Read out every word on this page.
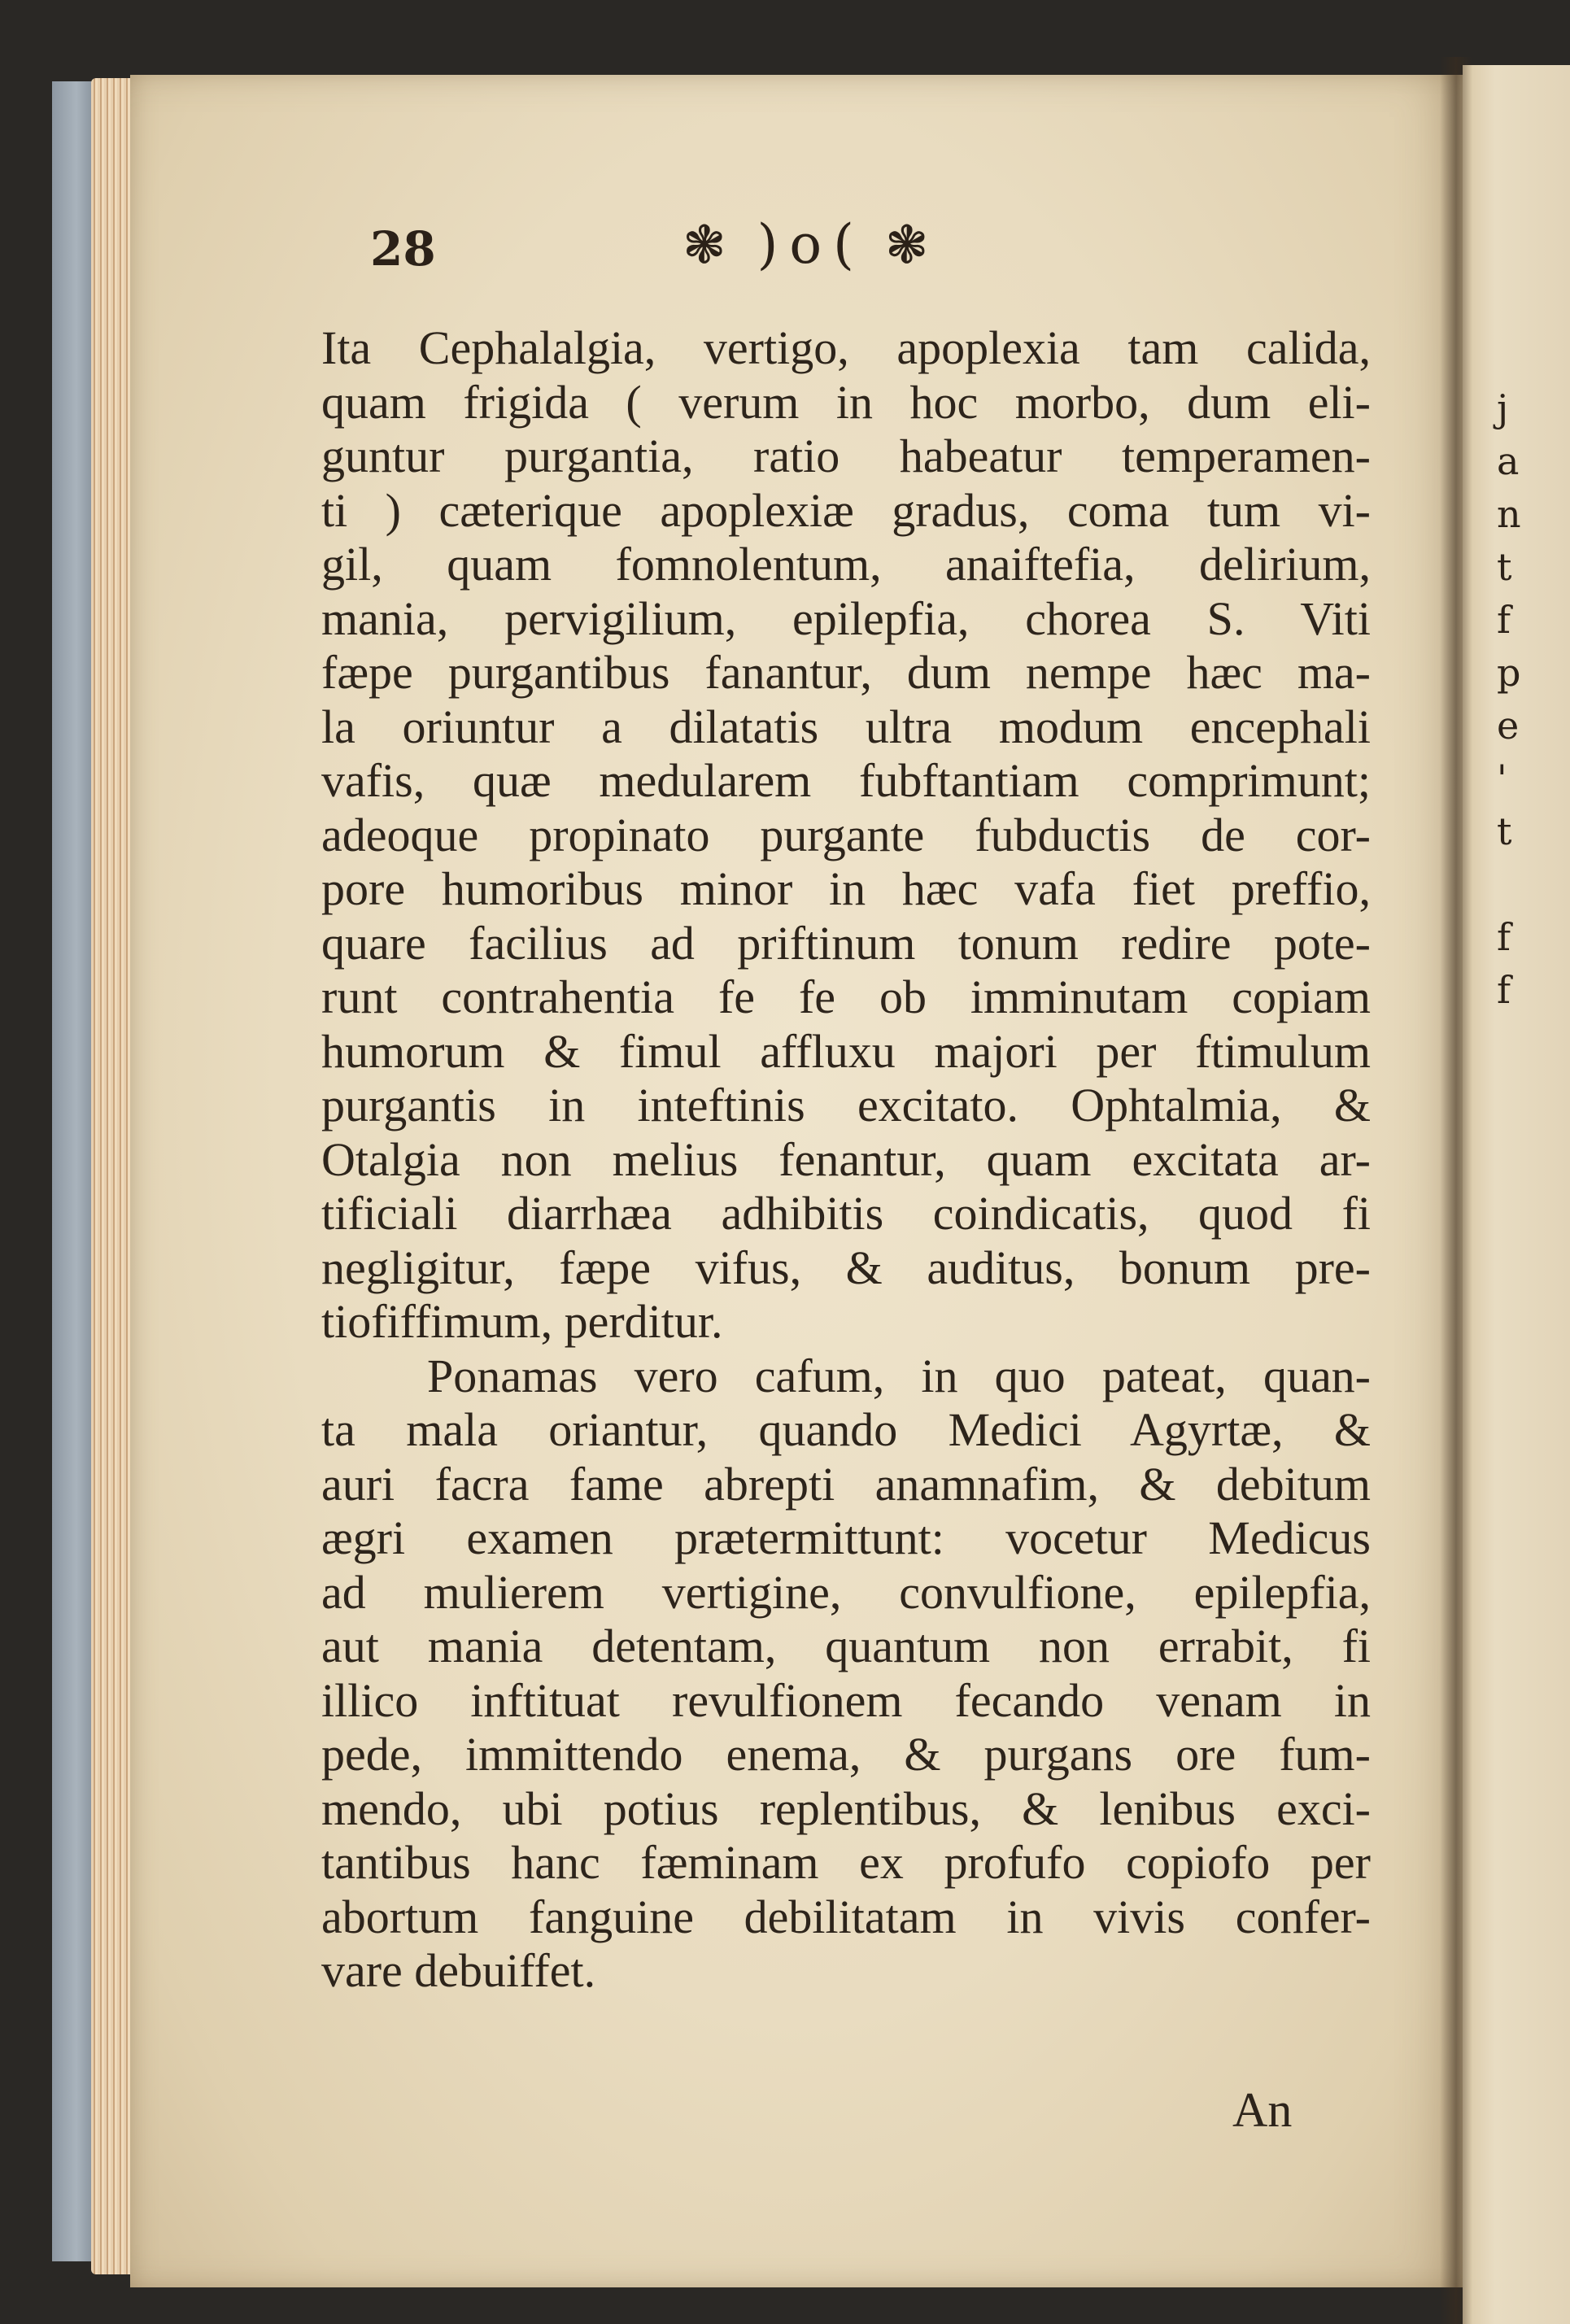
j
a
n
t
f
p
e
'
t
f
f
28	❃ )o( ❃
Ita Cephalalgia, vertigo, apoplexia tam calida,
quam frigida ( verum in hoc morbo, dum eli-
guntur purgantia, ratio habeatur temperamen-
ti ) cæterique apoplexiæ gradus, coma tum vi-
gil, quam fomnolentum, anaiftefia, delirium,
mania, pervigilium, epilepfia, chorea S. Viti
fæpe purgantibus fanantur, dum nempe hæc ma-
la oriuntur a dilatatis ultra modum encephali
vafis, quæ medularem fubftantiam comprimunt;
adeoque propinato purgante fubductis de cor-
pore humoribus minor in hæc vafa fiet preffio,
quare facilius ad priftinum tonum redire pote-
runt contrahentia fe fe ob imminutam copiam
humorum & fimul affluxu majori per ftimulum
purgantis in inteftinis excitato. Ophtalmia, &
Otalgia non melius fenantur, quam excitata ar-
tificiali diarrhæa adhibitis coindicatis, quod fi
negligitur, fæpe vifus, & auditus, bonum pre-
tiofiffimum, perditur.
Ponamas vero cafum, in quo pateat, quan-
ta mala oriantur, quando Medici Agyrtæ, &
auri facra fame abrepti anamnafim, & debitum
ægri examen prætermittunt: vocetur Medicus
ad mulierem vertigine, convulfione, epilepfia,
aut mania detentam, quantum non errabit, fi
illico inftituat revulfionem fecando venam in
pede, immittendo enema, & purgans ore fum-
mendo, ubi potius replentibus, & lenibus exci-
tantibus hanc fæminam ex profufo copiofo per
abortum fanguine debilitatam in vivis confer-
vare debuiffet.
An
